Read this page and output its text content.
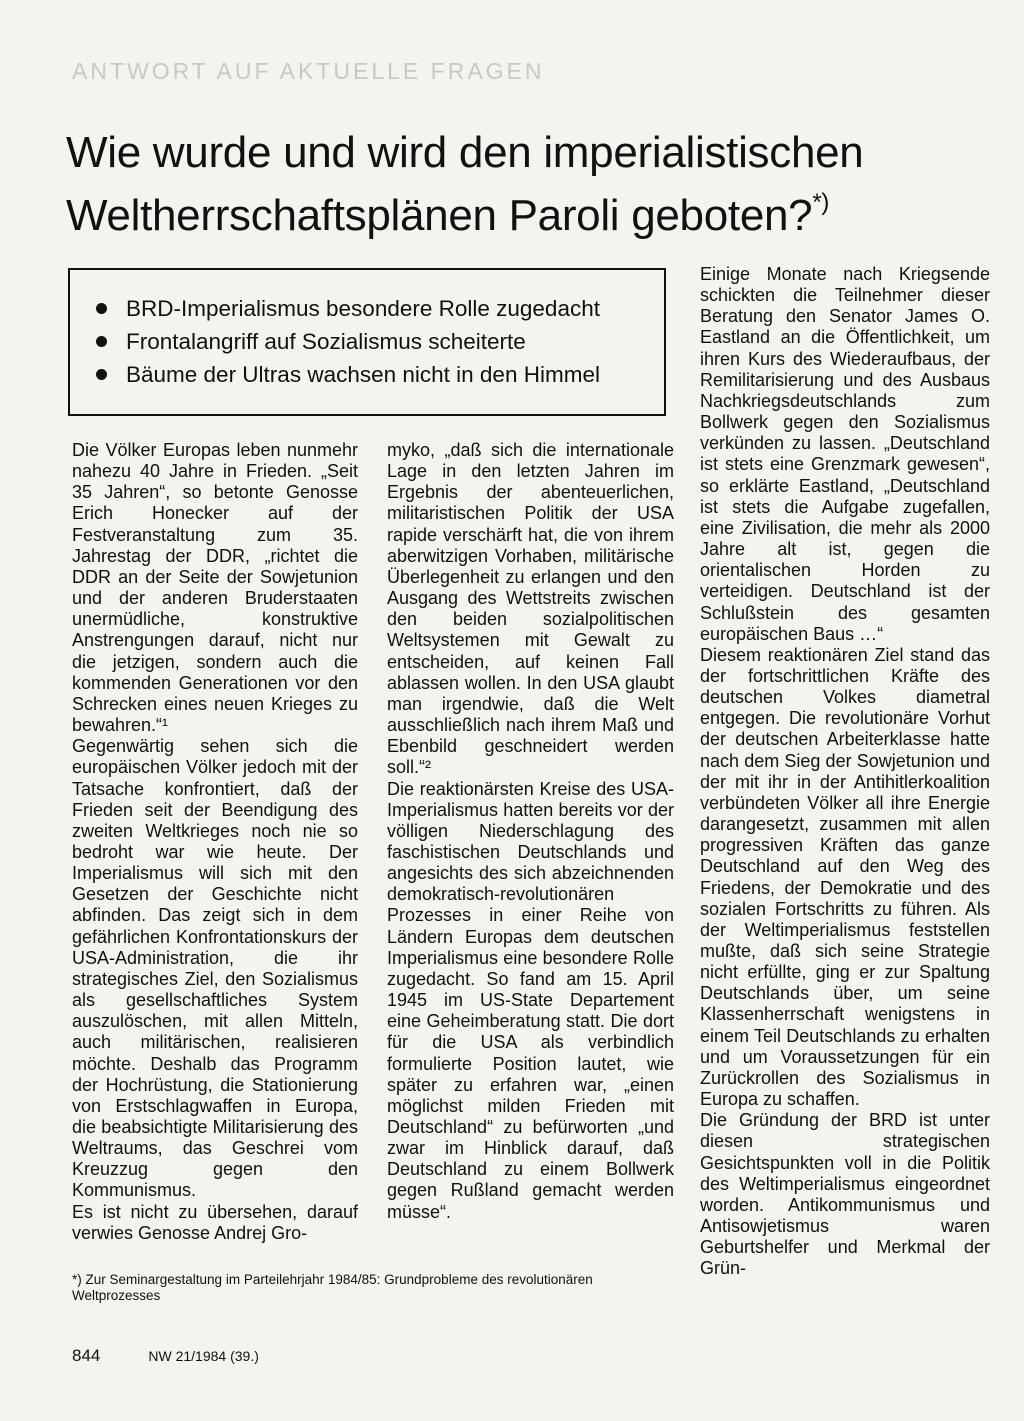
ANTWORT AUF AKTUELLE FRAGEN
Wie wurde und wird den imperialistischen
Weltherrschaftsplänen Paroli geboten?*)
BRD-Imperialismus besondere Rolle zugedacht
Frontalangriff auf Sozialismus scheiterte
Bäume der Ultras wachsen nicht in den Himmel

Die Völker Europas leben nunmehr nahezu 40 Jahre in Frieden. „Seit 35 Jahren“, so betonte Genosse Erich Honecker auf der Festveranstaltung zum 35. Jahrestag der DDR, „richtet die DDR an der Seite der Sowjetunion und der anderen Bruderstaaten unermüdliche, konstruktive Anstrengungen darauf, nicht nur die jetzigen, sondern auch die kommenden Generationen vor den Schrecken eines neuen Krieges zu bewahren.“¹

Gegenwärtig sehen sich die europäischen Völker jedoch mit der Tatsache konfrontiert, daß der Frieden seit der Beendigung des zweiten Weltkrieges noch nie so bedroht war wie heute. Der Imperialismus will sich mit den Gesetzen der Geschichte nicht abfinden. Das zeigt sich in dem gefährlichen Konfrontationskurs der USA-Administration, die ihr strategisches Ziel, den Sozialismus als gesellschaftliches System auszulöschen, mit allen Mitteln, auch militärischen, realisieren möchte. Deshalb das Programm der Hochrüstung, die Stationierung von Erstschlagwaffen in Europa, die beabsichtigte Militarisierung des Weltraums, das Geschrei vom Kreuzzug gegen den Kommunismus.

Es ist nicht zu übersehen, darauf verwies Genosse Andrej Gro-

myko, „daß sich die internationale Lage in den letzten Jahren im Ergebnis der abenteuerlichen, militaristischen Politik der USA rapide verschärft hat, die von ihrem aberwitzigen Vorhaben, militärische Überlegenheit zu erlangen und den Ausgang des Wettstreits zwischen den beiden sozialpolitischen Weltsystemen mit Gewalt zu entscheiden, auf keinen Fall ablassen wollen. In den USA glaubt man irgendwie, daß die Welt ausschließlich nach ihrem Maß und Ebenbild geschneidert werden soll.“²

Die reaktionärsten Kreise des USA-Imperialismus hatten bereits vor der völligen Niederschlagung des faschistischen Deutschlands und angesichts des sich abzeichnenden demokratisch-revolutionären Prozesses in einer Reihe von Ländern Europas dem deutschen Imperialismus eine besondere Rolle zugedacht. So fand am 15. April 1945 im US-State Departement eine Geheimberatung statt. Die dort für die USA als verbindlich formulierte Position lautet, wie später zu erfahren war, „einen möglichst milden Frieden mit Deutschland“ zu befürworten „und zwar im Hinblick darauf, daß Deutschland zu einem Bollwerk gegen Rußland gemacht werden müsse“.

Einige Monate nach Kriegsende schickten die Teilnehmer dieser Beratung den Senator James O. Eastland an die Öffentlichkeit, um ihren Kurs des Wiederaufbaus, der Remilitarisierung und des Ausbaus Nachkriegsdeutschlands zum Bollwerk gegen den Sozialismus verkünden zu lassen. „Deutschland ist stets eine Grenzmark gewesen“, so erklärte Eastland, „Deutschland ist stets die Aufgabe zugefallen, eine Zivilisation, die mehr als 2000 Jahre alt ist, gegen die orientalischen Horden zu verteidigen. Deutschland ist der Schlußstein des gesamten europäischen Baus …“

Diesem reaktionären Ziel stand das der fortschrittlichen Kräfte des deutschen Volkes diametral entgegen. Die revolutionäre Vorhut der deutschen Arbeiterklasse hatte nach dem Sieg der Sowjetunion und der mit ihr in der Antihitlerkoalition verbündeten Völker all ihre Energie darangesetzt, zusammen mit allen progressiven Kräften das ganze Deutschland auf den Weg des Friedens, der Demokratie und des sozialen Fortschritts zu führen. Als der Weltimperialismus feststellen mußte, daß sich seine Strategie nicht erfüllte, ging er zur Spaltung Deutschlands über, um seine Klassenherrschaft wenigstens in einem Teil Deutschlands zu erhalten und um Voraussetzungen für ein Zurückrollen des Sozialismus in Europa zu schaffen.

Die Gründung der BRD ist unter diesen strategischen Gesichtspunkten voll in die Politik des Weltimperialismus eingeordnet worden. Antikommunismus und Antisowjetismus waren Geburtshelfer und Merkmal der Grün-

*) Zur Seminargestaltung im Parteilehrjahr 1984/85: Grundprobleme des revolutionären Weltprozesses
844	NW 21/1984 (39.)
